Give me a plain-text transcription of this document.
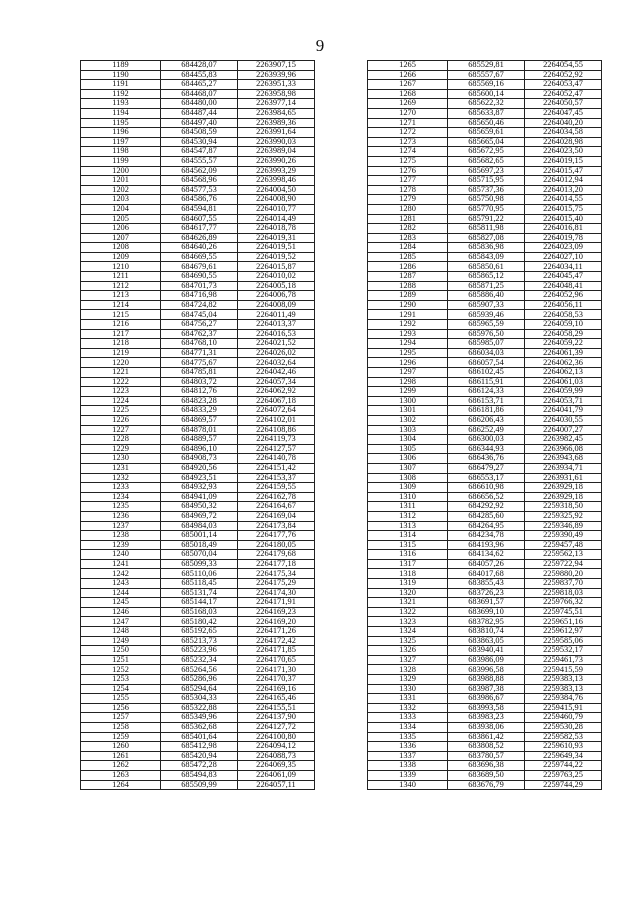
9
1189	684428,07	2263907,15
1190	684455,83	2263939,96
1191	684465,27	2263951,33
1192	684468,07	2263958,98
1193	684480,00	2263977,14
1194	684487,44	2263984,65
1195	684497,40	2263989,36
1196	684508,59	2263991,64
1197	684530,94	2263990,03
1198	684547,87	2263989,04
1199	684555,57	2263990,26
1200	684562,09	2263993,29
1201	684568,96	2263998,46
1202	684577,53	2264004,50
1203	684586,76	2264008,90
1204	684594,81	2264010,77
1205	684607,55	2264014,49
1206	684617,77	2264018,78
1207	684626,89	2264019,31
1208	684640,26	2264019,51
1209	684669,55	2264019,52
1210	684679,61	2264015,87
1211	684690,55	2264010,02
1212	684701,73	2264005,18
1213	684716,98	2264006,78
1214	684724,82	2264008,09
1215	684745,04	2264011,49
1216	684756,27	2264013,37
1217	684762,37	2264016,53
1218	684768,10	2264021,52
1219	684771,31	2264026,02
1220	684775,67	2264032,64
1221	684785,81	2264042,46
1222	684803,72	2264057,34
1223	684812,76	2264062,92
1224	684823,28	2264067,18
1225	684833,29	2264072,64
1226	684869,57	2264102,01
1227	684878,01	2264108,86
1228	684889,57	2264119,73
1229	684896,10	2264127,57
1230	684908,73	2264140,78
1231	684920,56	2264151,42
1232	684923,51	2264153,37
1233	684932,93	2264159,55
1234	684941,09	2264162,78
1235	684950,32	2264164,67
1236	684969,72	2264169,04
1237	684984,03	2264173,84
1238	685001,14	2264177,76
1239	685018,49	2264180,05
1240	685070,04	2264179,68
1241	685099,33	2264177,18
1242	685110,06	2264175,34
1243	685118,45	2264175,29
1244	685131,74	2264174,30
1245	685144,17	2264171,91
1246	685168,03	2264169,23
1247	685180,42	2264169,20
1248	685192,65	2264171,26
1249	685213,73	2264172,42
1250	685223,96	2264171,85
1251	685232,34	2264170,65
1252	685264,56	2264171,30
1253	685286,96	2264170,37
1254	685294,64	2264169,16
1255	685304,33	2264165,46
1256	685322,88	2264155,51
1257	685349,96	2264137,90
1258	685362,68	2264127,72
1259	685401,64	2264100,80
1260	685412,98	2264094,12
1261	685420,94	2264088,73
1262	685472,28	2264069,35
1263	685494,83	2264061,09
1264	685509,99	2264057,11
1265	685529,81	2264054,55
1266	685557,67	2264052,92
1267	685569,16	2264053,47
1268	685600,14	2264052,47
1269	685622,32	2264050,57
1270	685633,87	2264047,45
1271	685650,46	2264040,20
1272	685659,61	2264034,58
1273	685665,04	2264028,98
1274	685672,95	2264023,50
1275	685682,65	2264019,15
1276	685697,23	2264015,47
1277	685715,95	2264012,94
1278	685737,36	2264013,20
1279	685750,98	2264014,55
1280	685770,95	2264015,75
1281	685791,22	2264015,40
1282	685811,98	2264016,81
1283	685827,08	2264019,78
1284	685836,98	2264023,09
1285	685843,09	2264027,10
1286	685850,61	2264034,11
1287	685865,12	2264045,47
1288	685871,25	2264048,41
1289	685886,40	2264052,96
1290	685907,33	2264056,11
1291	685939,46	2264058,53
1292	685965,59	2264059,10
1293	685976,50	2264058,29
1294	685985,07	2264059,22
1295	686034,03	2264061,39
1296	686057,54	2264062,36
1297	686102,45	2264062,13
1298	686115,91	2264061,03
1299	686124,33	2264059,99
1300	686153,71	2264053,71
1301	686181,86	2264041,79
1302	686206,43	2264030,55
1303	686252,49	2264007,27
1304	686300,03	2263982,45
1305	686344,93	2263966,08
1306	686436,76	2263943,68
1307	686479,27	2263934,71
1308	686553,17	2263931,61
1309	686610,98	2263929,18
1310	686656,52	2263929,18
1311	684292,92	2259318,50
1312	684285,60	2259325,92
1313	684264,95	2259346,89
1314	684234,78	2259390,49
1315	684193,96	2259457,48
1316	684134,62	2259562,13
1317	684057,26	2259722,94
1318	684017,68	2259880,20
1319	683855,43	2259837,70
1320	683726,23	2259818,03
1321	683691,57	2259766,32
1322	683699,10	2259745,51
1323	683782,95	2259651,16
1324	683810,74	2259612,97
1325	683863,05	2259585,06
1326	683940,41	2259532,17
1327	683986,09	2259461,73
1328	683996,58	2259415,59
1329	683988,88	2259383,13
1330	683987,38	2259383,13
1331	683986,67	2259384,76
1332	683993,58	2259415,91
1333	683983,23	2259460,79
1334	683938,06	2259530,28
1335	683861,42	2259582,53
1336	683808,52	2259610,93
1337	683780,57	2259649,34
1338	683696,38	2259744,22
1339	683689,50	2259763,25
1340	683676,79	2259744,29
